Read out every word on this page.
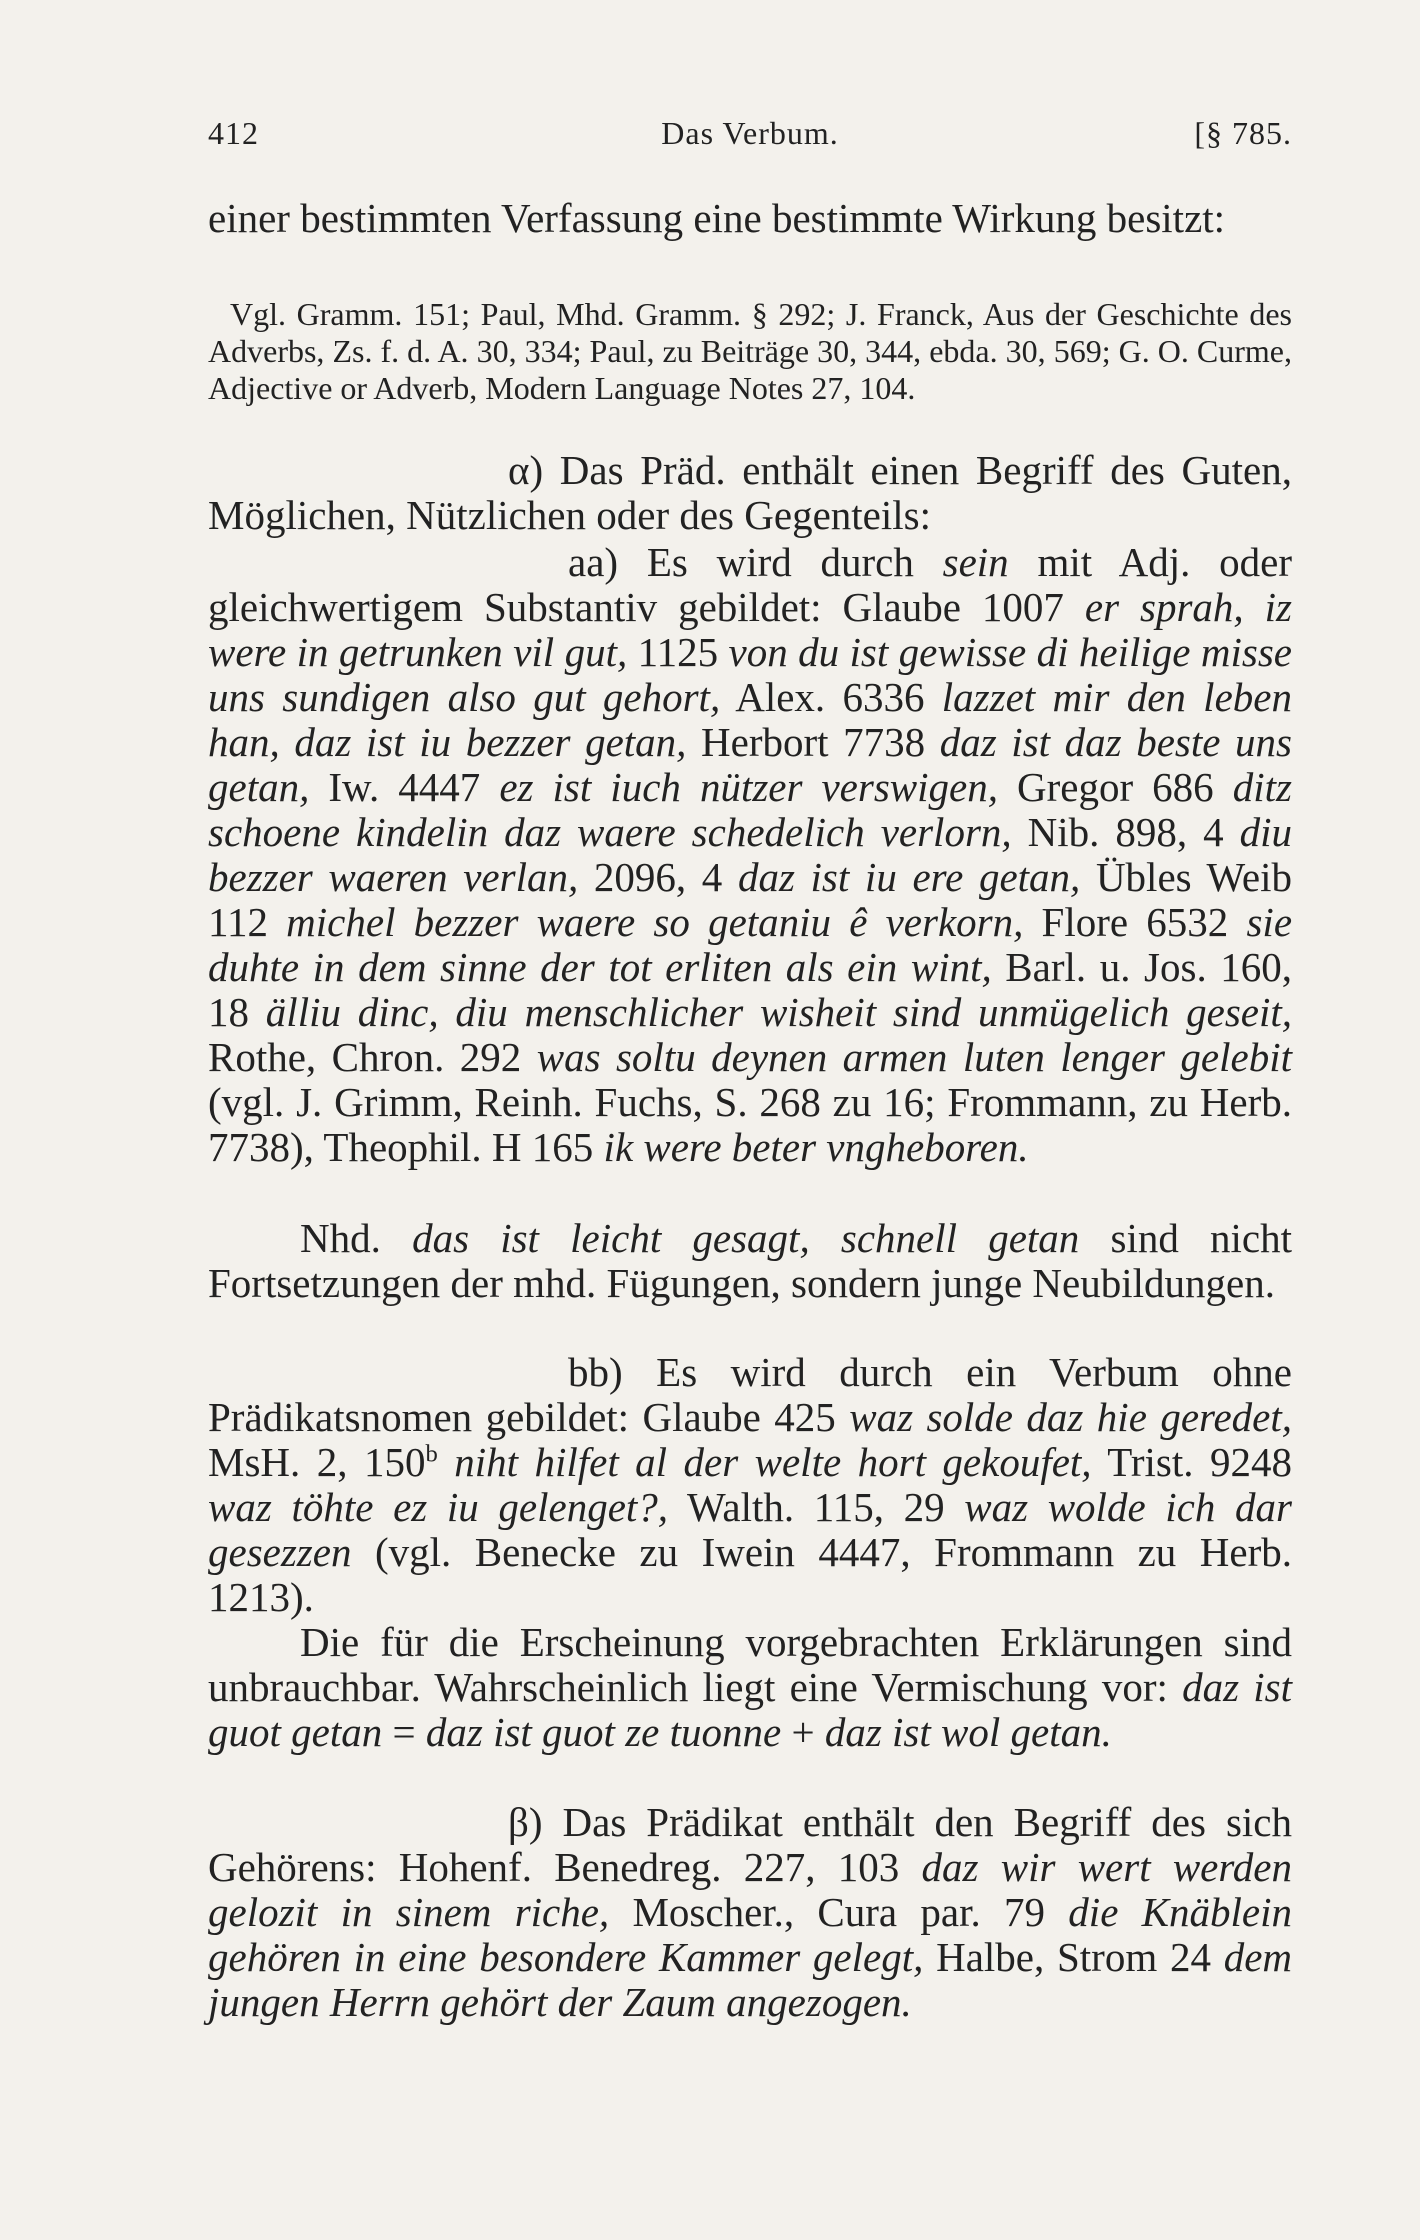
412	Das Verbum.	[§ 785.
einer bestimmten Verfassung eine bestimmte Wirkung besitzt:
Vgl. Gramm. 151; Paul, Mhd. Gramm. § 292; J. Franck, Aus der Geschichte des Adverbs, Zs. f. d. A. 30, 334; Paul, zu Beiträge 30, 344, ebda. 30, 569; G. O. Curme, Adjective or Adverb, Modern Language Notes 27, 104.
α) Das Präd. enthält einen Begriff des Guten, Möglichen, Nützlichen oder des Gegenteils:
aa) Es wird durch sein mit Adj. oder gleichwertigem Substantiv gebildet: Glaube 1007 er sprah, iz were in getrunken vil gut, 1125 von du ist gewisse di heilige misse uns sundigen also gut gehort, Alex. 6336 lazzet mir den leben han, daz ist iu bezzer getan, Herbort 7738 daz ist daz beste uns getan, Iw. 4447 ez ist iuch nützer verswigen, Gregor 686 ditz schoene kindelin daz waere schedelich verlorn, Nib. 898, 4 diu bezzer waeren verlan, 2096, 4 daz ist iu ere getan, Übles Weib 112 michel bezzer waere so getaniu ê verkorn, Flore 6532 sie duhte in dem sinne der tot erliten als ein wint, Barl. u. Jos. 160, 18 älliu dinc, diu menschlicher wisheit sind unmügelich geseit, Rothe, Chron. 292 was soltu deynen armen luten lenger gelebit (vgl. J. Grimm, Reinh. Fuchs, S. 268 zu 16; Frommann, zu Herb. 7738), Theophil. H 165 ik were beter vngheboren.
Nhd. das ist leicht gesagt, schnell getan sind nicht Fortsetzungen der mhd. Fügungen, sondern junge Neubildungen.
bb) Es wird durch ein Verbum ohne Prädikatsnomen gebildet: Glaube 425 waz solde daz hie geredet, MsH. 2, 150$^b$ niht hilfet al der welte hort gekoufet, Trist. 9248 waz töhte ez iu gelenget?, Walth. 115, 29 waz wolde ich dar gesezzen (vgl. Benecke zu Iwein 4447, Frommann zu Herb. 1213).
Die für die Erscheinung vorgebrachten Erklärungen sind unbrauchbar. Wahrscheinlich liegt eine Vermischung vor: daz ist guot getan = daz ist guot ze tuonne + daz ist wol getan.
β) Das Prädikat enthält den Begriff des sich Gehörens: Hohenf. Benedreg. 227, 103 daz wir wert werden gelozit in sinem riche, Moscher., Cura par. 79 die Knäblein gehören in eine besondere Kammer gelegt, Halbe, Strom 24 dem jungen Herrn gehört der Zaum angezogen.
